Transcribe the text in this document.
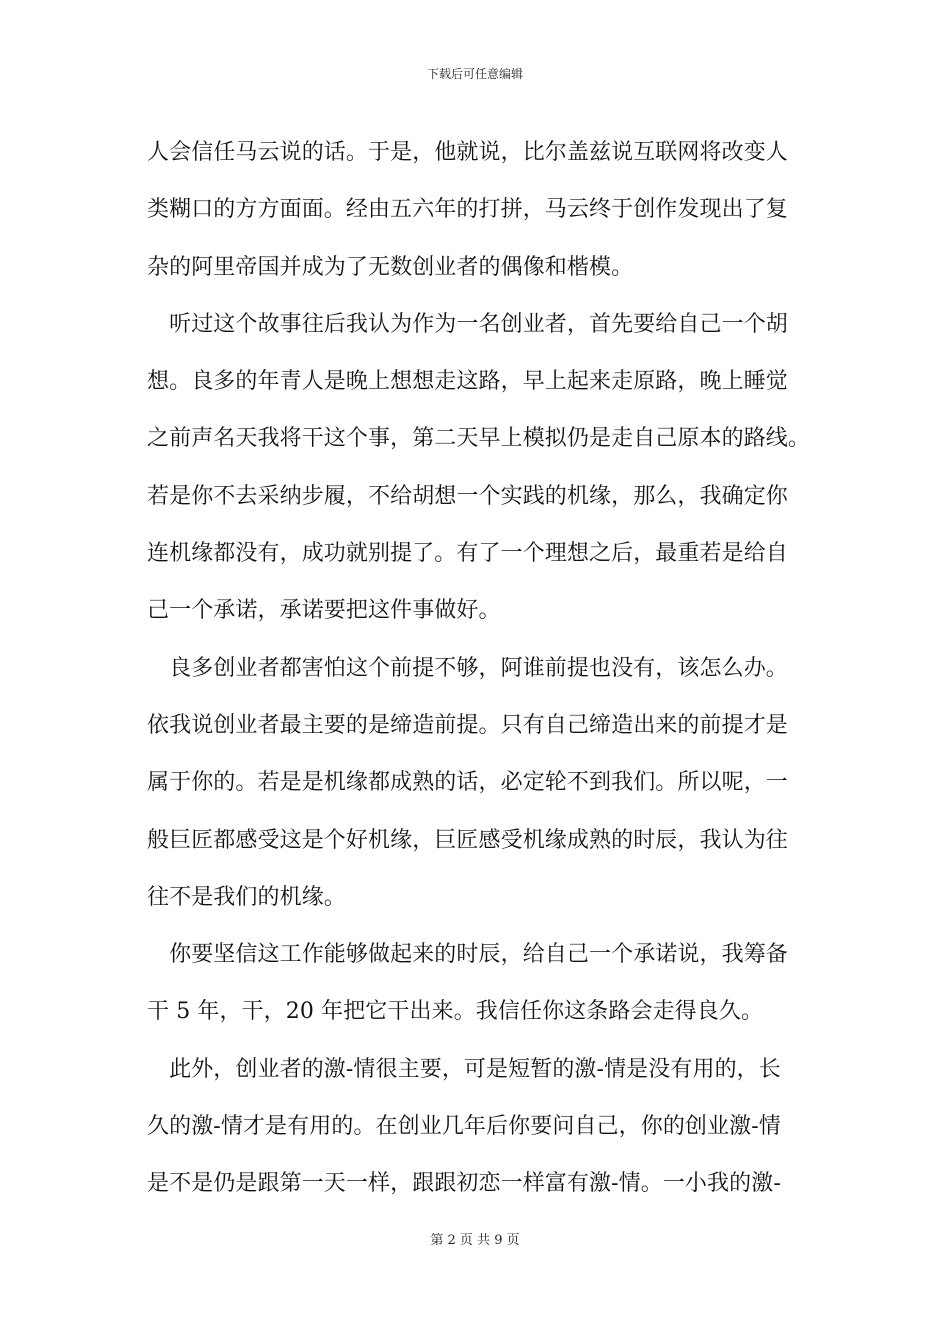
下载后可任意编辑
人会信任马云说的话。于是，他就说，比尔盖兹说互联网将改变人
类糊口的方方面面。经由五六年的打拼，马云终于创作发现出了复
杂的阿里帝国并成为了无数创业者的偶像和楷模。
　听过这个故事往后我认为作为一名创业者，首先要给自己一个胡
想。良多的年青人是晚上想想走这路，早上起来走原路，晚上睡觉
之前声名天我将干这个事，第二天早上模拟仍是走自己原本的路线。
若是你不去采纳步履，不给胡想一个实践的机缘，那么，我确定你
连机缘都没有，成功就别提了。有了一个理想之后，最重若是给自
己一个承诺，承诺要把这件事做好。
　良多创业者都害怕这个前提不够，阿谁前提也没有，该怎么办。
依我说创业者最主要的是缔造前提。只有自己缔造出来的前提才是
属于你的。若是是机缘都成熟的话，必定轮不到我们。所以呢，一
般巨匠都感受这是个好机缘，巨匠感受机缘成熟的时辰，我认为往
往不是我们的机缘。
　你要坚信这工作能够做起来的时辰，给自己一个承诺说，我筹备
干 5 年，干，20 年把它干出来。我信任你这条路会走得良久。
　此外，创业者的激-情很主要，可是短暂的激-情是没有用的，长
久的激-情才是有用的。在创业几年后你要问自己，你的创业激-情
是不是仍是跟第一天一样，跟跟初恋一样富有激-情。一小我的激-
第 2 页 共 9 页
